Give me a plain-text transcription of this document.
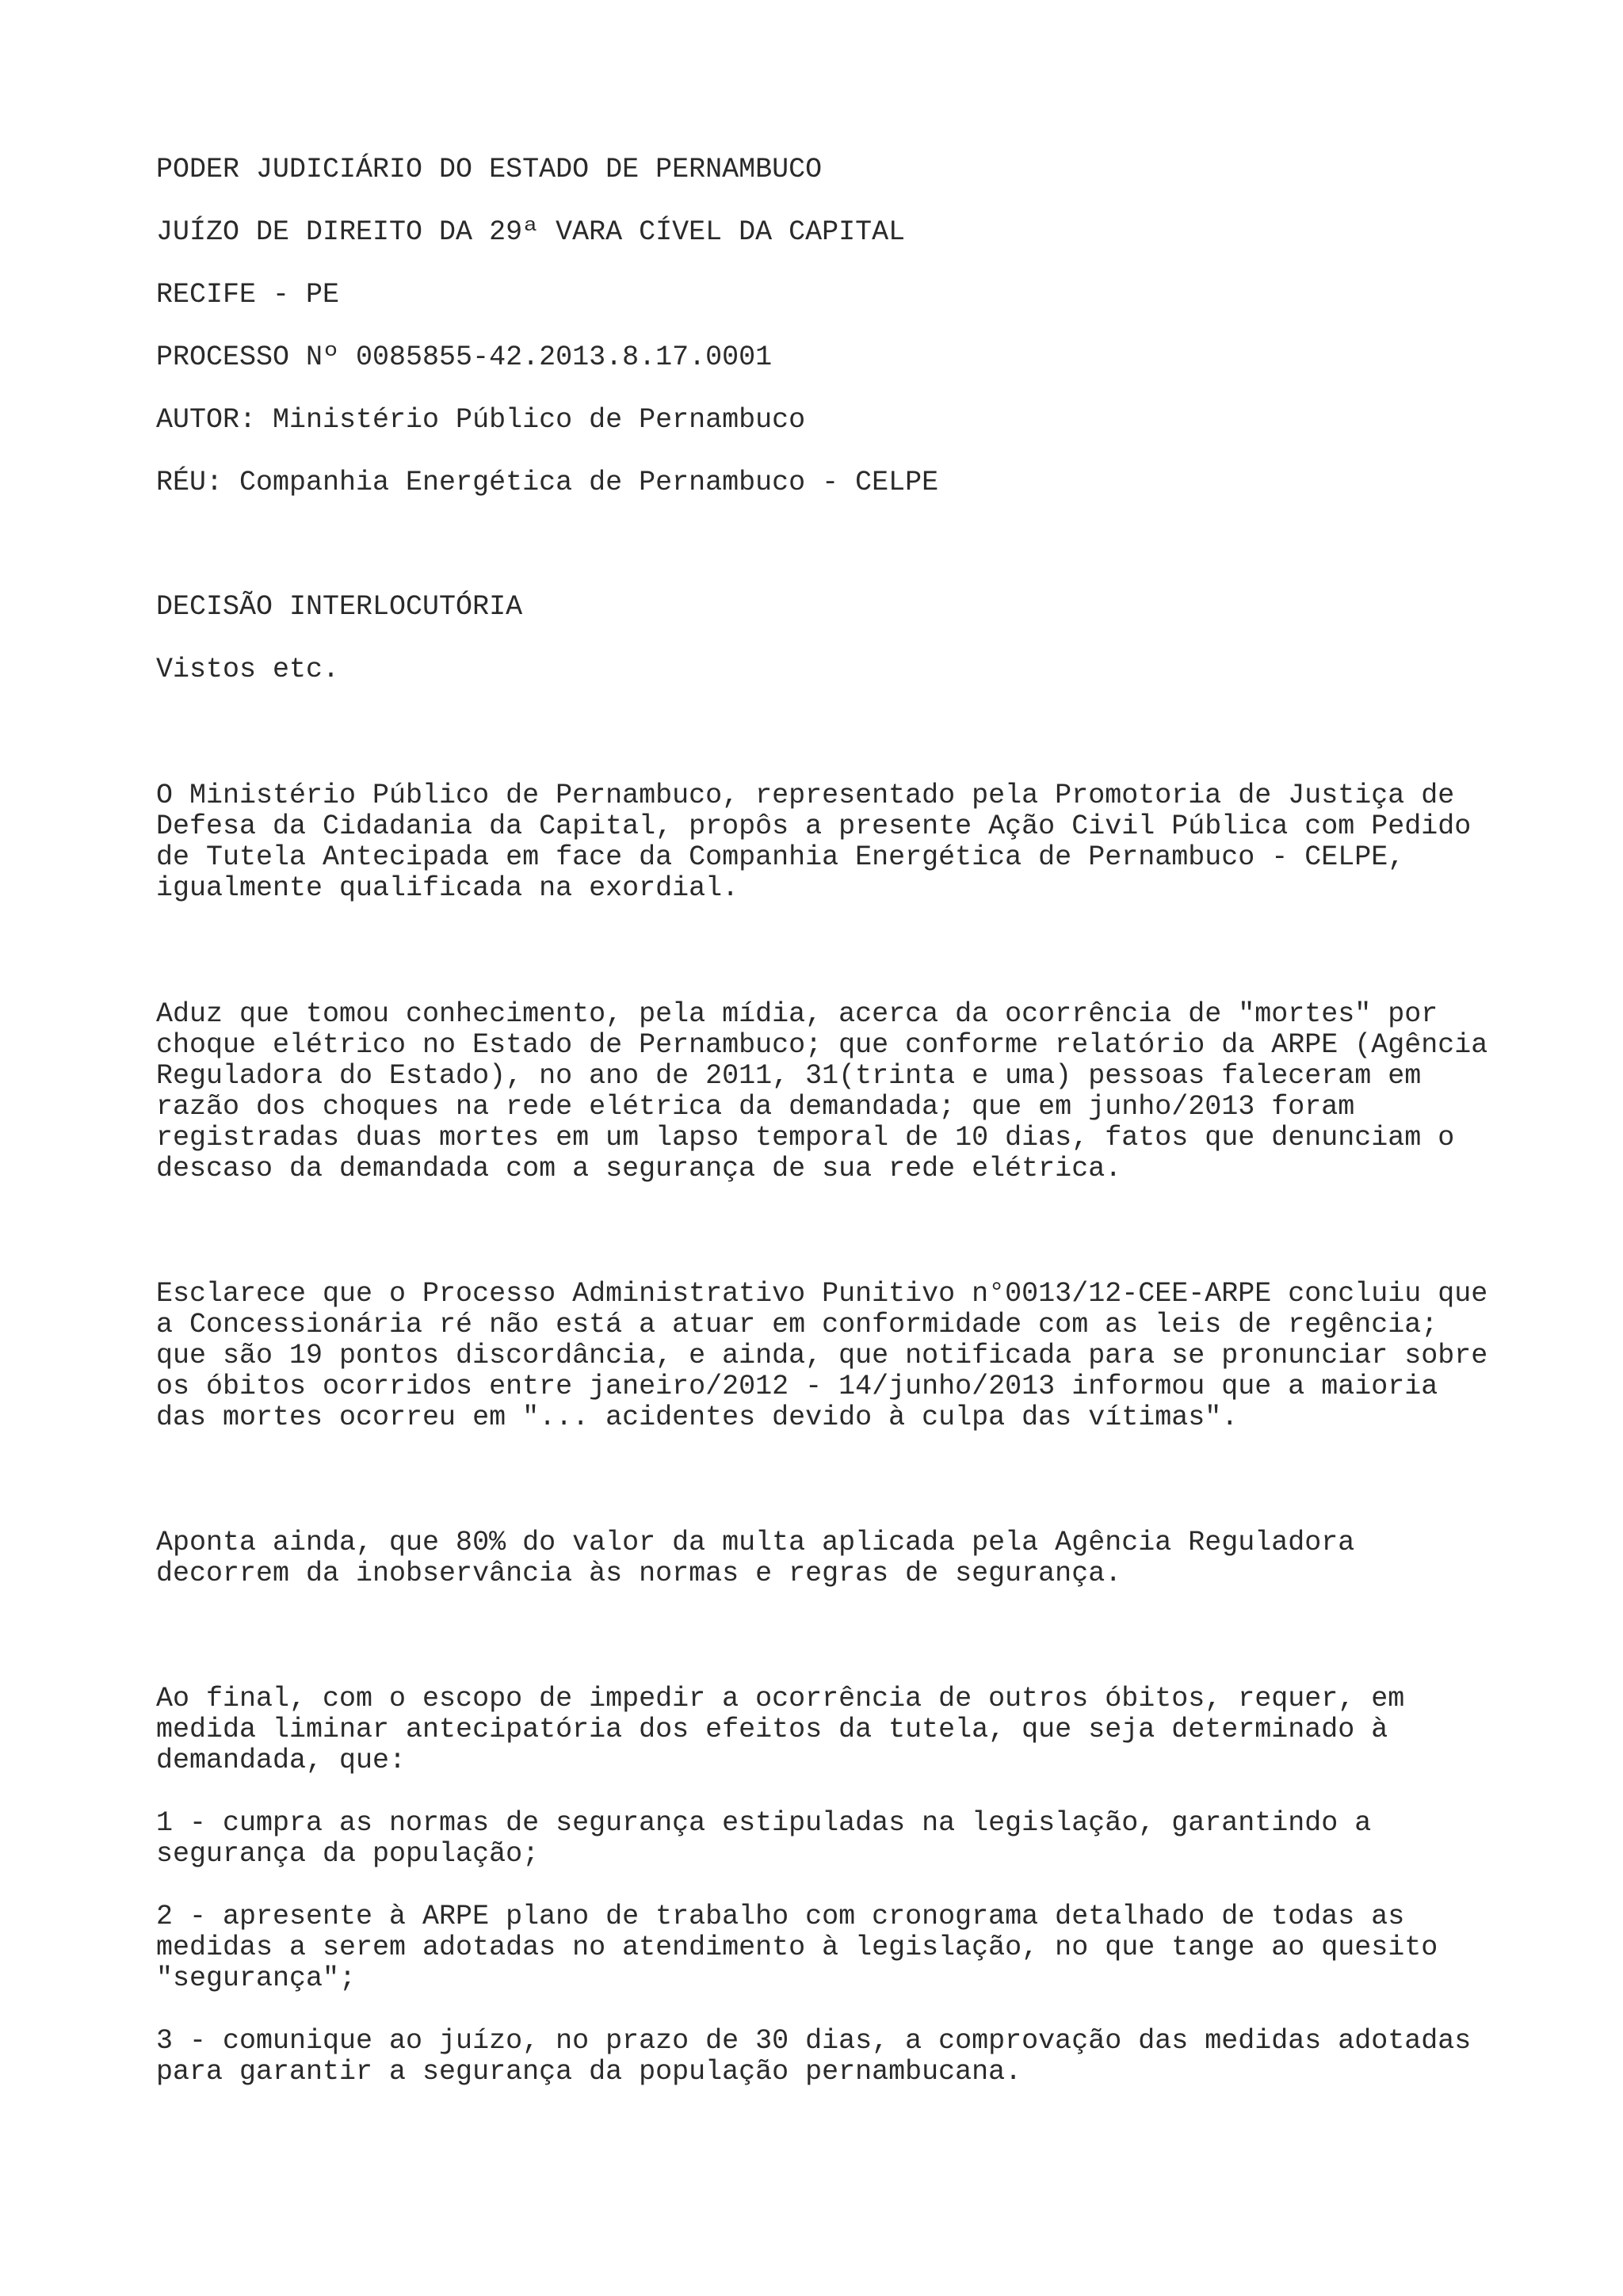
PODER JUDICIÁRIO DO ESTADO DE PERNAMBUCO

JUÍZO DE DIREITO DA 29ª VARA CÍVEL DA CAPITAL

RECIFE - PE

PROCESSO Nº 0085855-42.2013.8.17.0001

AUTOR: Ministério Público de Pernambuco

RÉU: Companhia Energética de Pernambuco - CELPE

DECISÃO INTERLOCUTÓRIA

Vistos etc.

O Ministério Público de Pernambuco, representado pela Promotoria de Justiça de
Defesa da Cidadania da Capital, propôs a presente Ação Civil Pública com Pedido
de Tutela Antecipada em face da Companhia Energética de Pernambuco - CELPE,
igualmente qualificada na exordial.

Aduz que tomou conhecimento, pela mídia, acerca da ocorrência de "mortes" por
choque elétrico no Estado de Pernambuco; que conforme relatório da ARPE (Agência
Reguladora do Estado), no ano de 2011, 31(trinta e uma) pessoas faleceram em
razão dos choques na rede elétrica da demandada; que em junho/2013 foram
registradas duas mortes em um lapso temporal de 10 dias, fatos que denunciam o
descaso da demandada com a segurança de sua rede elétrica.

Esclarece que o Processo Administrativo Punitivo n°0013/12-CEE-ARPE concluiu que
a Concessionária ré não está a atuar em conformidade com as leis de regência;
que são 19 pontos discordância, e ainda, que notificada para se pronunciar sobre
os óbitos ocorridos entre janeiro/2012 - 14/junho/2013 informou que a maioria
das mortes ocorreu em "... acidentes devido à culpa das vítimas".

Aponta ainda, que 80% do valor da multa aplicada pela Agência Reguladora
decorrem da inobservância às normas e regras de segurança.

Ao final, com o escopo de impedir a ocorrência de outros óbitos, requer, em
medida liminar antecipatória dos efeitos da tutela, que seja determinado à
demandada, que:

1 - cumpra as normas de segurança estipuladas na legislação, garantindo a
segurança da população;

2 - apresente à ARPE plano de trabalho com cronograma detalhado de todas as
medidas a serem adotadas no atendimento à legislação, no que tange ao quesito
"segurança";

3 - comunique ao juízo, no prazo de 30 dias, a comprovação das medidas adotadas
para garantir a segurança da população pernambucana.
